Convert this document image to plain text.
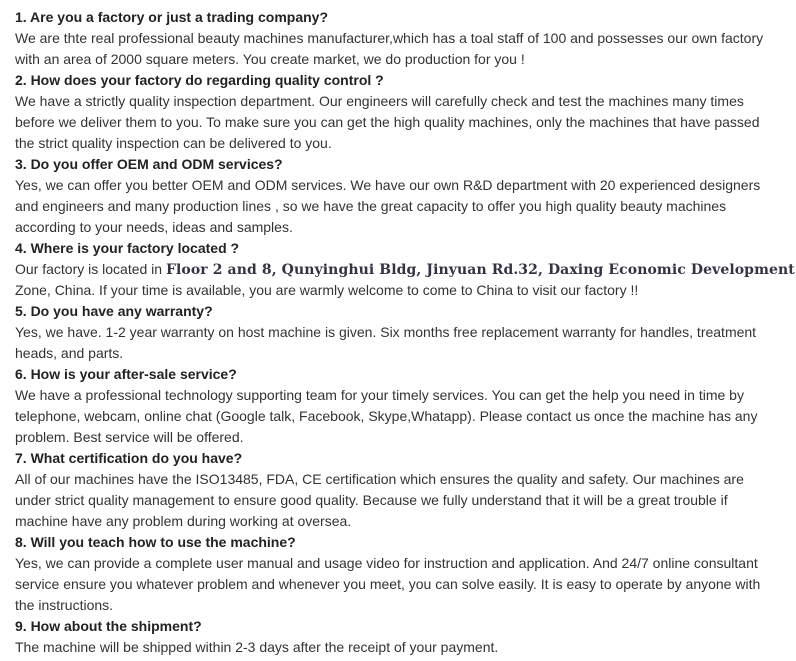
1. Are you a factory or just a trading company?
We are thte real professional beauty machines manufacturer,which has a toal staff of 100 and possesses our own factory
with an area of 2000 square meters. You create market, we do production for you !
2. How does your factory do regarding quality control ?
We have a strictly quality inspection department. Our engineers will carefully check and test the machines many times
before we deliver them to you. To make sure you can get the high quality machines, only the machines that have passed
the strict quality inspection can be delivered to you.
3. Do you offer OEM and ODM services?
Yes, we can offer you better OEM and ODM services. We have our own R&D department with 20 experienced designers
and engineers and many production lines , so we have the great capacity to offer you high quality beauty machines
according to your needs, ideas and samples.
4. Where is your factory located ?
Our factory is located in Floor 2 and 8, Qunyinghui Bldg, Jinyuan Rd.32, Daxing Economic Development
Zone, China. If your time is available, you are warmly welcome to come to China to visit our factory !!
5. Do you have any warranty?
Yes, we have. 1-2 year warranty on host machine is given. Six months free replacement warranty for handles, treatment
heads, and parts.
6. How is your after-sale service?
We have a professional technology supporting team for your timely services. You can get the help you need in time by
telephone, webcam, online chat (Google talk, Facebook, Skype,Whatapp). Please contact us once the machine has any
problem. Best service will be offered.
7. What certification do you have?
All of our machines have the ISO13485, FDA, CE certification which ensures the quality and safety. Our machines are
under strict quality management to ensure good quality. Because we fully understand that it will be a great trouble if
machine have any problem during working at oversea.
8. Will you teach how to use the machine?
Yes, we can provide a complete user manual and usage video for instruction and application. And 24/7 online consultant
service ensure you whatever problem and whenever you meet, you can solve easily. It is easy to operate by anyone with
the instructions.
9. How about the shipment?
The machine will be shipped within 2-3 days after the receipt of your payment.
